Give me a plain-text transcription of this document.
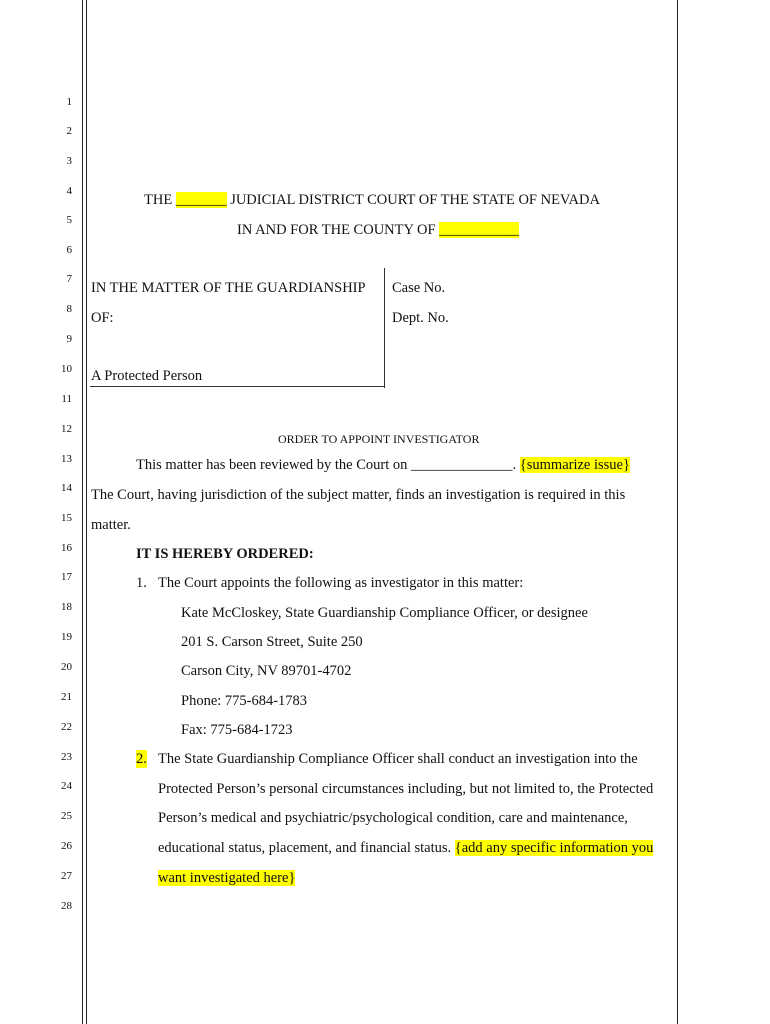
1
2
3
4
5
6
7
8
9
10
11
12
13
14
15
16
17
18
19
20
21
22
23
24
25
26
27
28
THE _______ JUDICIAL DISTRICT COURT OF THE STATE OF NEVADA
IN AND FOR THE COUNTY OF ___________
IN THE MATTER OF THE GUARDIANSHIP
OF:
A Protected Person
Case No.
Dept. No.
ORDER TO APPOINT INVESTIGATOR
This matter has been reviewed by the Court on ______________. {summarize issue}
The Court, having jurisdiction of the subject matter, finds an investigation is required in this
matter.
IT IS HEREBY ORDERED:
1. The Court appoints the following as investigator in this matter:
Kate McCloskey, State Guardianship Compliance Officer, or designee
201 S. Carson Street, Suite 250
Carson City, NV 89701-4702
Phone: 775-684-1783
Fax: 775-684-1723
2. The State Guardianship Compliance Officer shall conduct an investigation into the
Protected Person’s personal circumstances including, but not limited to, the Protected
Person’s medical and psychiatric/psychological condition, care and maintenance,
educational status, placement, and financial status. {add any specific information you
want investigated here}
